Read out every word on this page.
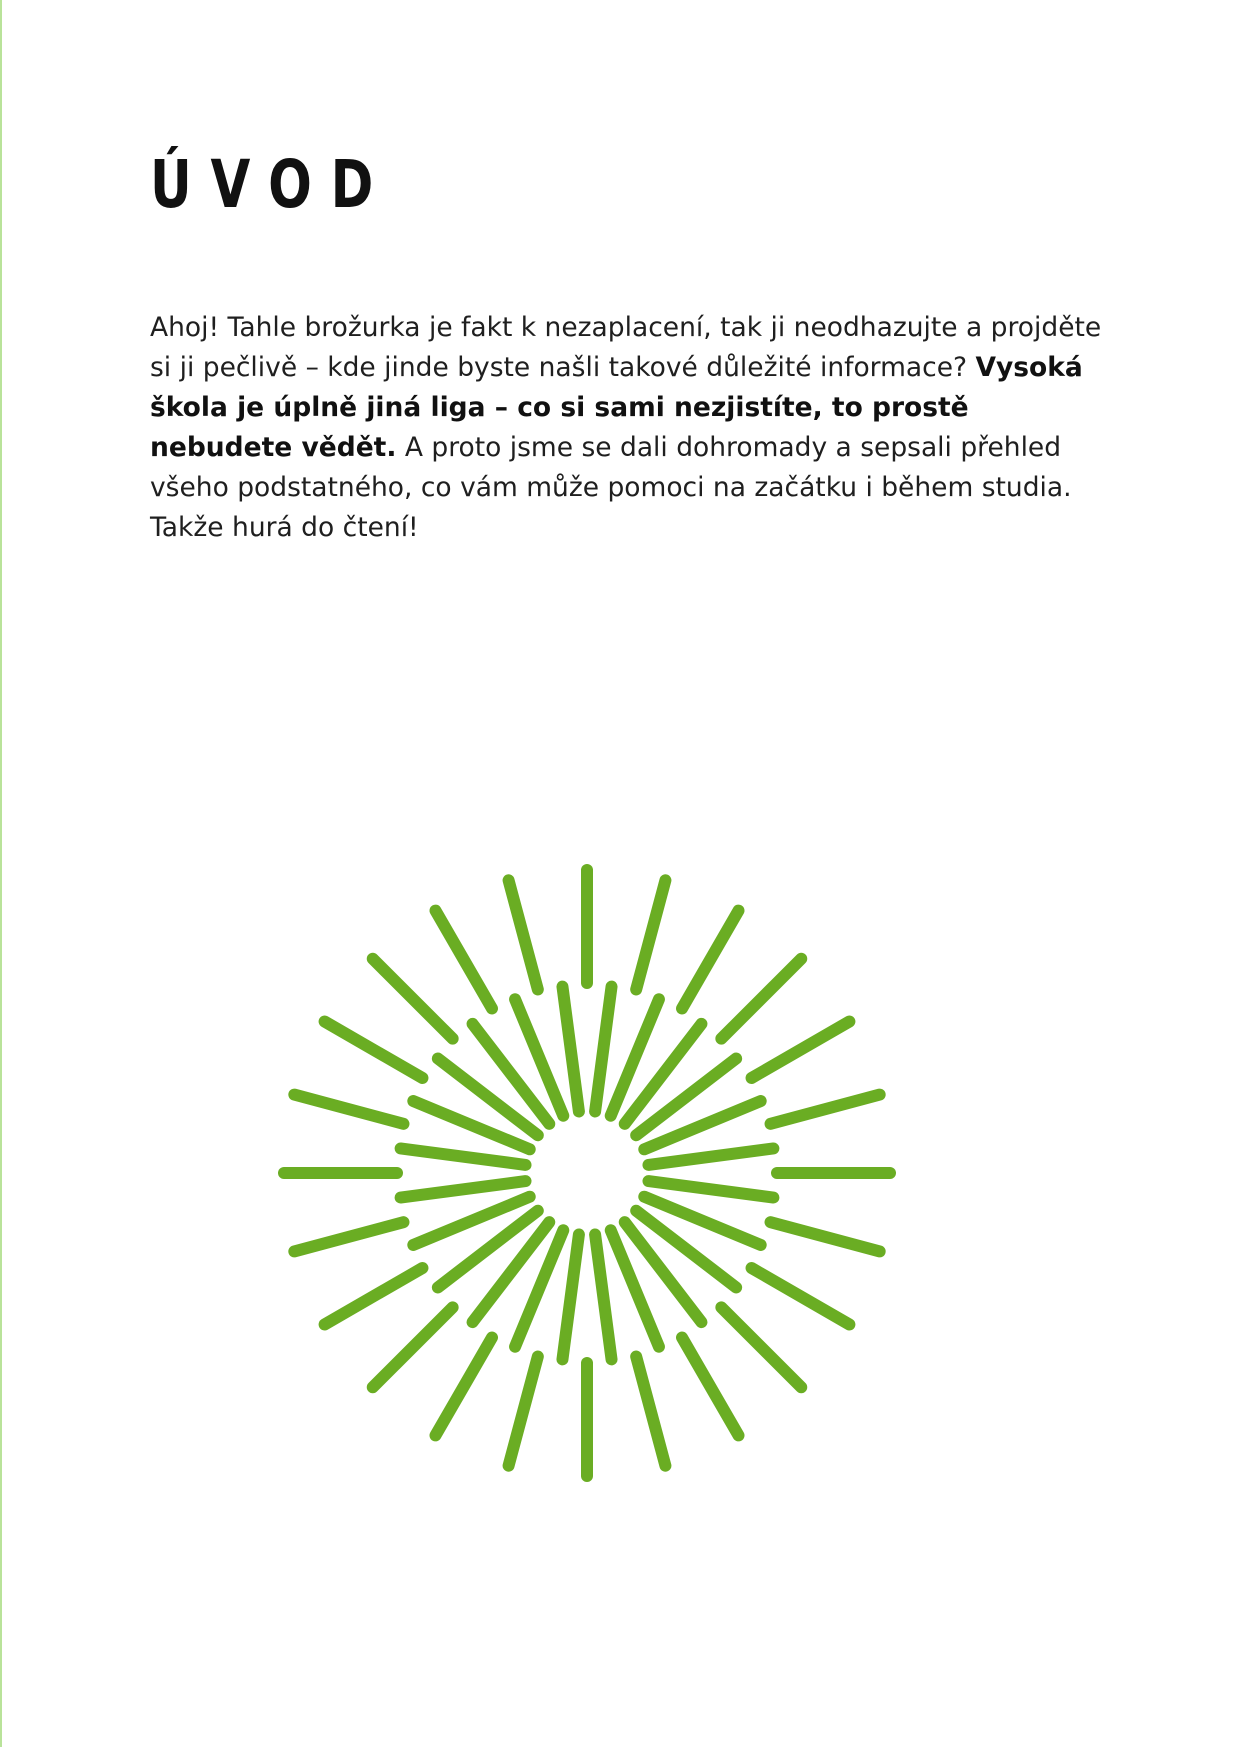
ÚVOD

Ahoj! Tahle brožurka je fakt k nezaplacení, tak ji neodhazujte a projděte si ji pečlivě – kde jinde byste našli takové důležité informace? Vysoká škola je úplně jiná liga – co si sami nezjistíte, to prostě nebudete vědět. A proto jsme se dali dohromady a sepsali přehled všeho podstatného, co vám může pomoci na začátku i během studia. Takže hurá do čtení!
